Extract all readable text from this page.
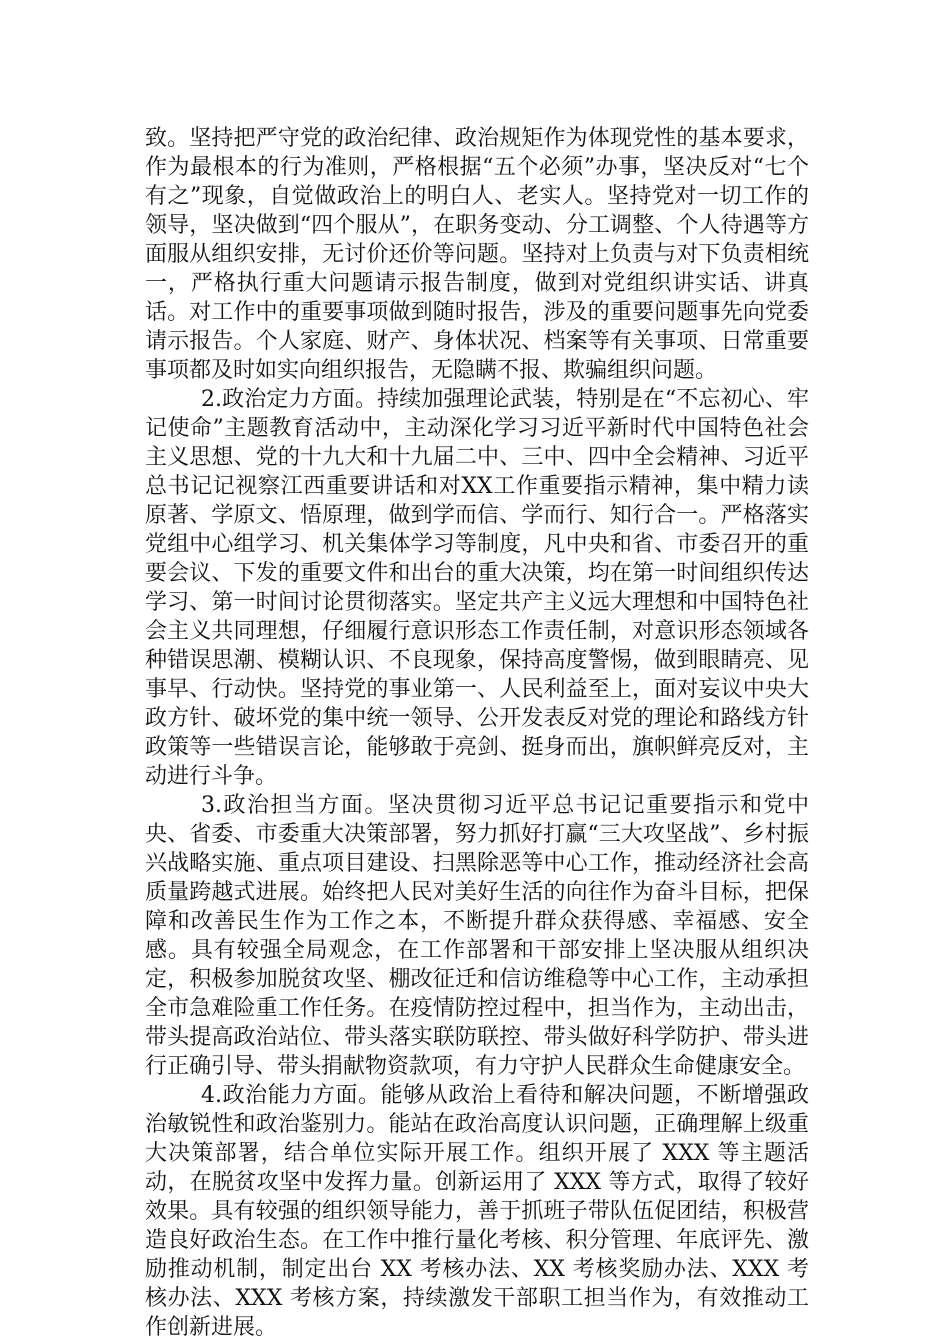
致。坚持把严守党的政治纪律、政治规矩作为体现党性的基本要求，作为最根本的行为准则，严格根据“五个必须”办事，坚决反对“七个有之”现象，自觉做政治上的明白人、老实人。坚持党对一切工作的领导，坚决做到“四个服从”，在职务变动、分工调整、个人待遇等方面服从组织安排，无讨价还价等问题。坚持对上负责与对下负责相统一，严格执行重大问题请示报告制度，做到对党组织讲实话、讲真话。对工作中的重要事项做到随时报告，涉及的重要问题事先向党委请示报告。个人家庭、财产、身体状况、档案等有关事项、日常重要事项都及时如实向组织报告，无隐瞒不报、欺骗组织问题。

2.政治定力方面。持续加强理论武装，特别是在“不忘初心、牢记使命”主题教育活动中，主动深化学习习近平新时代中国特色社会主义思想、党的十九大和十九届二中、三中、四中全会精神、习近平总书记记视察江西重要讲话和对XX工作重要指示精神，集中精力读原著、学原文、悟原理，做到学而信、学而行、知行合一。严格落实党组中心组学习、机关集体学习等制度，凡中央和省、市委召开的重要会议、下发的重要文件和出台的重大决策，均在第一时间组织传达学习、第一时间讨论贯彻落实。坚定共产主义远大理想和中国特色社会主义共同理想，仔细履行意识形态工作责任制，对意识形态领域各种错误思潮、模糊认识、不良现象，保持高度警惕，做到眼睛亮、见事早、行动快。坚持党的事业第一、人民利益至上，面对妄议中央大政方针、破坏党的集中统一领导、公开发表反对党的理论和路线方针政策等一些错误言论，能够敢于亮剑、挺身而出，旗帜鲜亮反对，主动进行斗争。

3.政治担当方面。坚决贯彻习近平总书记记重要指示和党中央、省委、市委重大决策部署，努力抓好打赢“三大攻坚战”、乡村振兴战略实施、重点项目建设、扫黑除恶等中心工作，推动经济社会高质量跨越式进展。始终把人民对美好生活的向往作为奋斗目标，把保障和改善民生作为工作之本，不断提升群众获得感、幸福感、安全感。具有较强全局观念，在工作部署和干部安排上坚决服从组织决定，积极参加脱贫攻坚、棚改征迁和信访维稳等中心工作，主动承担全市急难险重工作任务。在疫情防控过程中，担当作为，主动出击，带头提高政治站位、带头落实联防联控、带头做好科学防护、带头进行正确引导、带头捐献物资款项，有力守护人民群众生命健康安全。

4.政治能力方面。能够从政治上看待和解决问题，不断增强政治敏锐性和政治鉴别力。能站在政治高度认识问题，正确理解上级重大决策部署，结合单位实际开展工作。组织开展了 XXX 等主题活动，在脱贫攻坚中发挥力量。创新运用了 XXX 等方式，取得了较好效果。具有较强的组织领导能力，善于抓班子带队伍促团结，积极营造良好政治生态。在工作中推行量化考核、积分管理、年底评先、激励推动机制，制定出台 XX 考核办法、XX 考核奖励办法、XXX 考核办法、XXX 考核方案，持续激发干部职工担当作为，有效推动工作创新进展。
